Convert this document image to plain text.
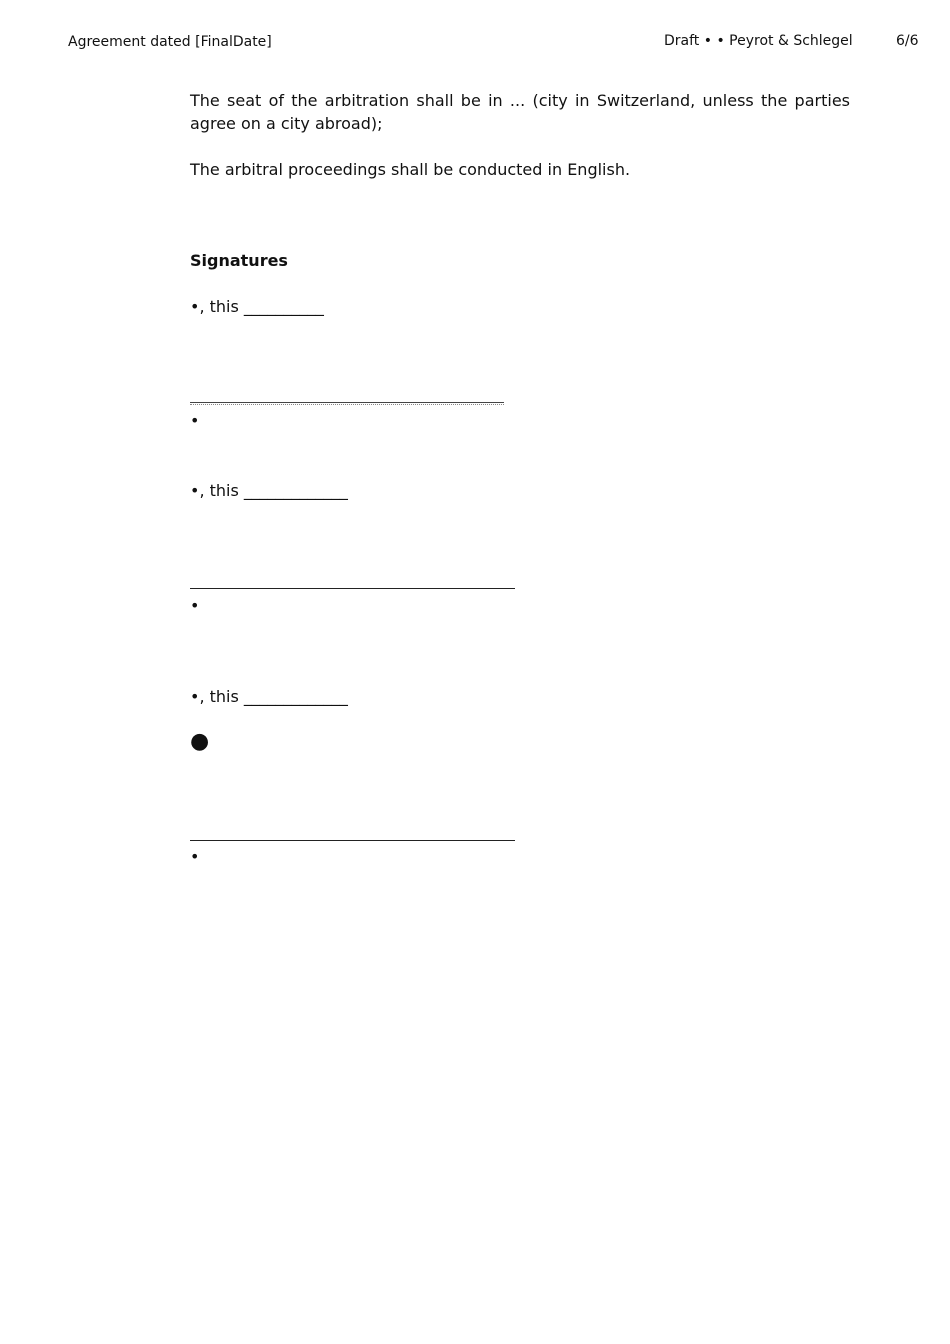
Agreement dated [FinalDate]	Draft • • Peyrot & Schlegel	6/6
The seat of the arbitration shall be in ... (city in Switzerland, unless the parties agree on a city abroad);
The arbitral proceedings shall be conducted in English.
Signatures
•, this __________
•
•, this _____________
•
•, this _____________
●
•
